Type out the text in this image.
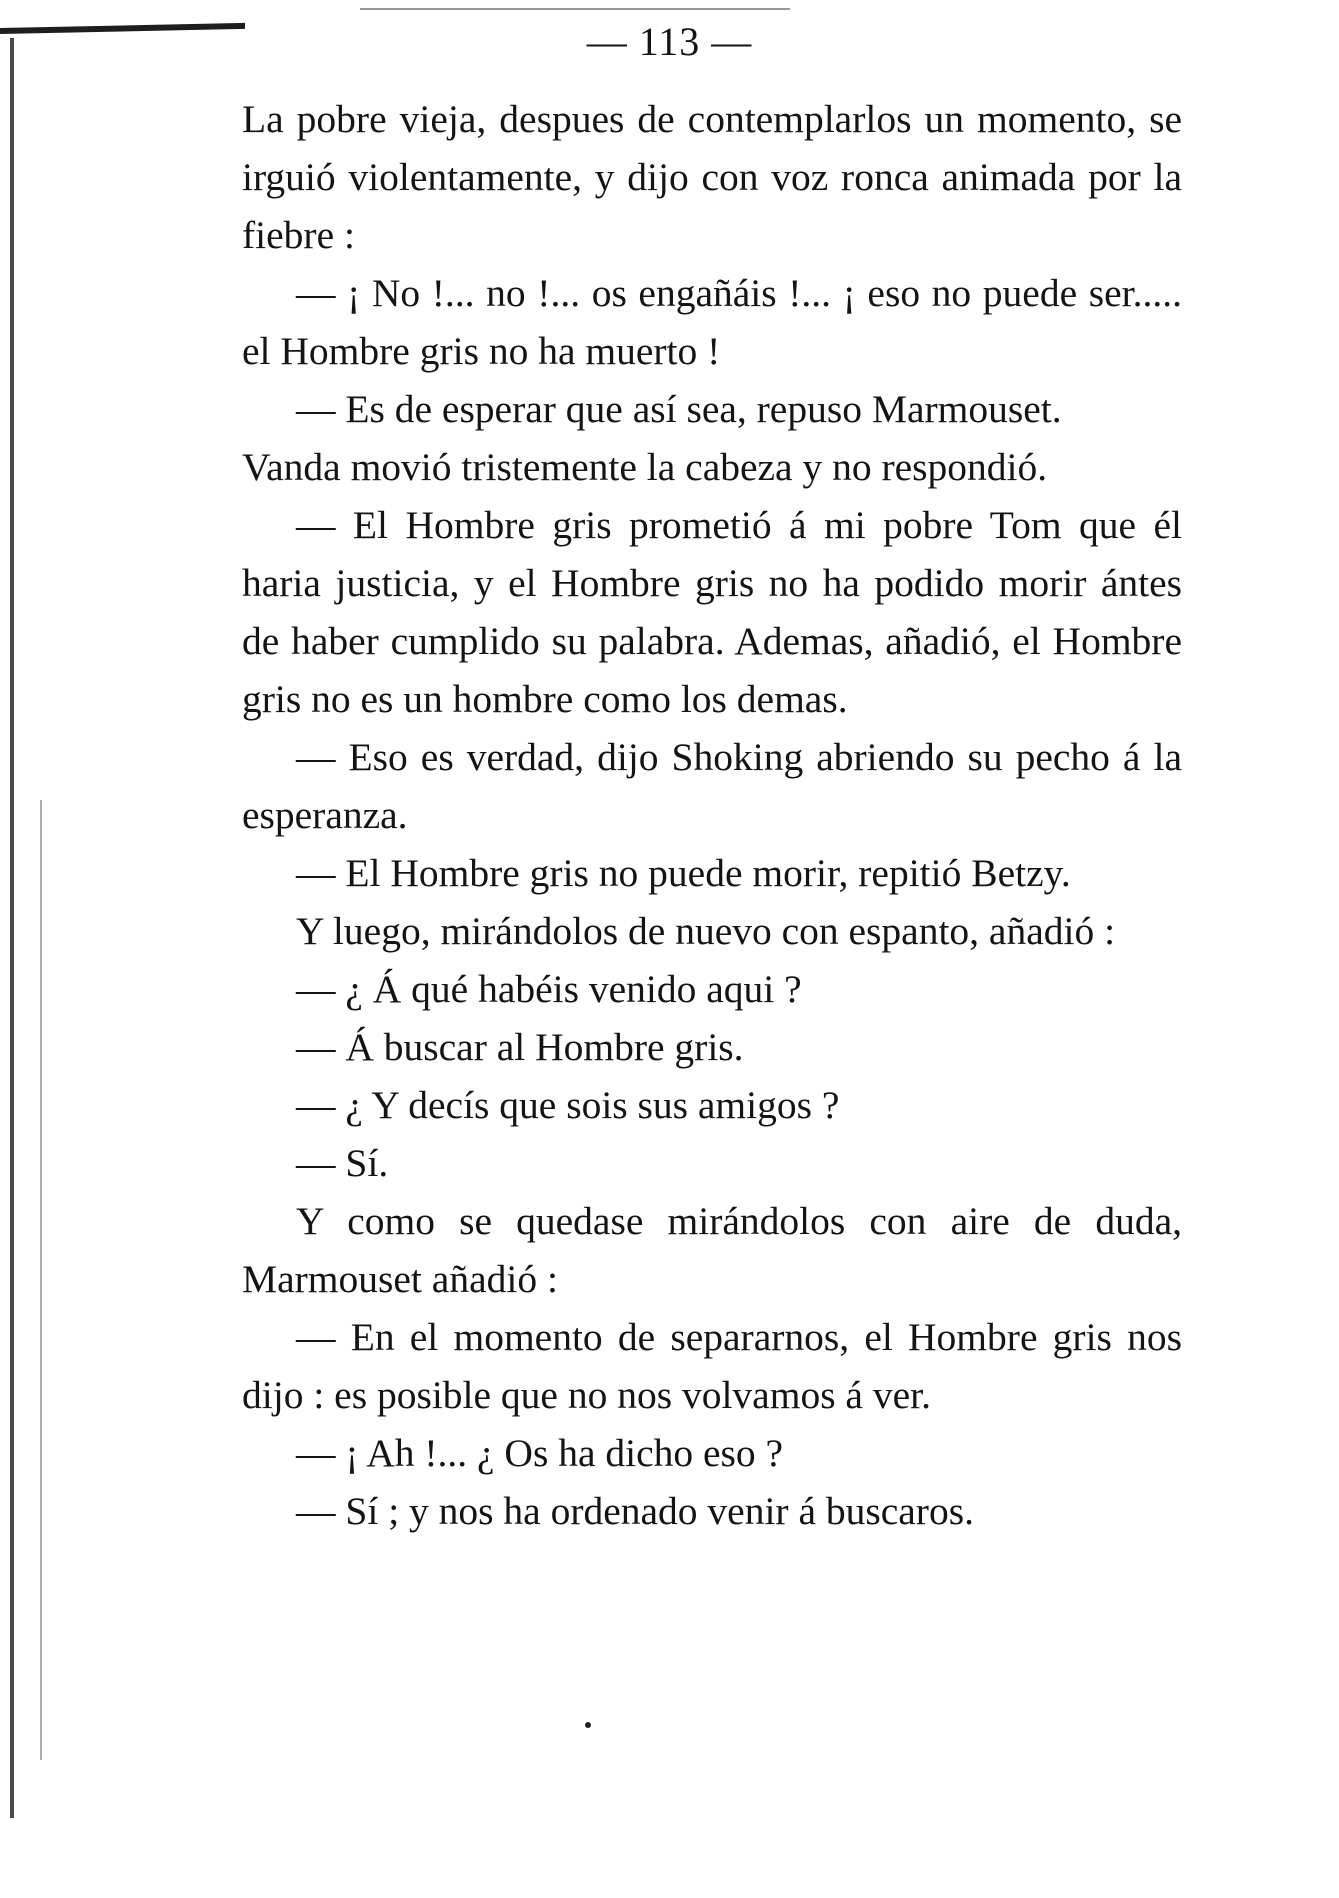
— 113 —

La pobre vieja, despues de contemplarlos un momento, se irguió violentamente, y dijo con voz ronca animada por la fiebre :

— ¡ No !... no !... os engañáis !... ¡ eso no puede ser..... el Hombre gris no ha muerto !

— Es de esperar que así sea, repuso Marmouset.

Vanda movió tristemente la cabeza y no respondió.

— El Hombre gris prometió á mi pobre Tom que él haria justicia, y el Hombre gris no ha podido morir ántes de haber cumplido su palabra. Ademas, añadió, el Hombre gris no es un hombre como los demas.

— Eso es verdad, dijo Shoking abriendo su pecho á la esperanza.

— El Hombre gris no puede morir, repitió Betzy.

Y luego, mirándolos de nuevo con espanto, añadió :

— ¿ Á qué habéis venido aqui ?

— Á buscar al Hombre gris.

— ¿ Y decís que sois sus amigos ?

— Sí.

Y como se quedase mirándolos con aire de duda, Marmouset añadió :

— En el momento de separarnos, el Hombre gris nos dijo : es posible que no nos volvamos á ver.

— ¡ Ah !... ¿ Os ha dicho eso ?

— Sí ; y nos ha ordenado venir á buscaros.
